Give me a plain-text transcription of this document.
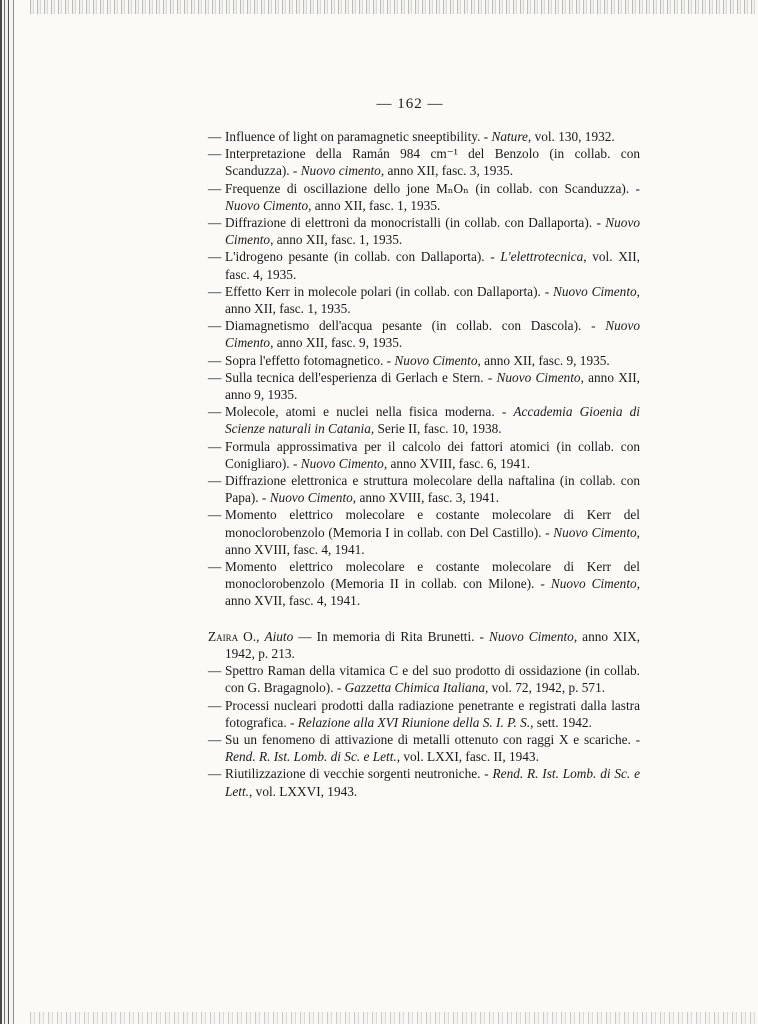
— 162 —
— Influence of light on paramagnetic sneeptibility. - Nature, vol. 130, 1932.
— Interpretazione della Ramán 984 cm⁻¹ del Benzolo (in collab. con Scanduzza). - Nuovo cimento, anno XII, fasc. 3, 1935.
— Frequenze di oscillazione dello jone MₙOₙ (in collab. con Scanduzza). - Nuovo Cimento, anno XII, fasc. 1, 1935.
— Diffrazione di elettroni da monocristalli (in collab. con Dallaporta). - Nuovo Cimento, anno XII, fasc. 1, 1935.
— L'idrogeno pesante (in collab. con Dallaporta). - L'elettrotecnica, vol. XII, fasc. 4, 1935.
— Effetto Kerr in molecole polari (in collab. con Dallaporta). - Nuovo Cimento, anno XII, fasc. 1, 1935.
— Diamagnetismo dell'acqua pesante (in collab. con Dascola). - Nuovo Cimento, anno XII, fasc. 9, 1935.
— Sopra l'effetto fotomagnetico. - Nuovo Cimento, anno XII, fasc. 9, 1935.
— Sulla tecnica dell'esperienza di Gerlach e Stern. - Nuovo Cimento, anno XII, anno 9, 1935.
— Molecole, atomi e nuclei nella fisica moderna. - Accademia Gioenia di Scienze naturali in Catania, Serie II, fasc. 10, 1938.
— Formula approssimativa per il calcolo dei fattori atomici (in collab. con Conigliaro). - Nuovo Cimento, anno XVIII, fasc. 6, 1941.
— Diffrazione elettronica e struttura molecolare della naftalina (in collab. con Papa). - Nuovo Cimento, anno XVIII, fasc. 3, 1941.
— Momento elettrico molecolare e costante molecolare di Kerr del monoclorobenzolo (Memoria I in collab. con Del Castillo). - Nuovo Cimento, anno XVIII, fasc. 4, 1941.
— Momento elettrico molecolare e costante molecolare di Kerr del monoclorobenzolo (Memoria II in collab. con Milone). - Nuovo Cimento, anno XVII, fasc. 4, 1941.
Zaira O., Aiuto — In memoria di Rita Brunetti. - Nuovo Cimento, anno XIX, 1942, p. 213.
— Spettro Raman della vitamica C e del suo prodotto di ossidazione (in collab. con G. Bragagnolo). - Gazzetta Chimica Italiana, vol. 72, 1942, p. 571.
— Processi nucleari prodotti dalla radiazione penetrante e registrati dalla lastra fotografica. - Relazione alla XVI Riunione della S. I. P. S., sett. 1942.
— Su un fenomeno di attivazione di metalli ottenuto con raggi X e scariche. - Rend. R. Ist. Lomb. di Sc. e Lett., vol. LXXI, fasc. II, 1943.
— Riutilizzazione di vecchie sorgenti neutroniche. - Rend. R. Ist. Lomb. di Sc. e Lett., vol. LXXVI, 1943.
